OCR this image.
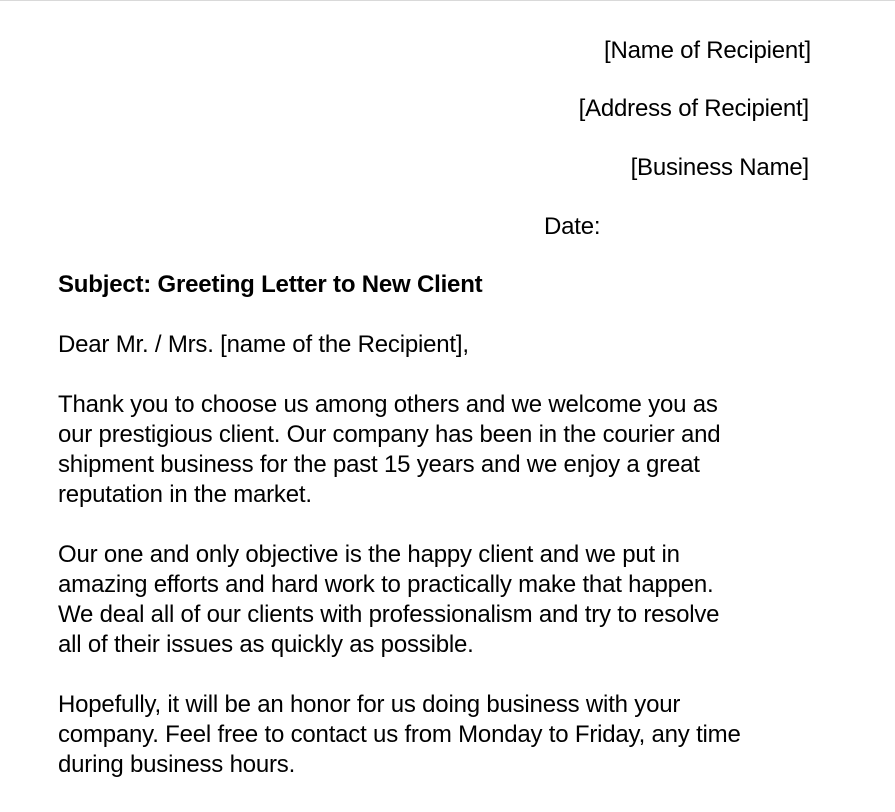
[Name of Recipient]
[Address of Recipient]
[Business Name]
Date:
Subject: Greeting Letter to New Client
Dear Mr. / Mrs. [name of the Recipient],

Thank you to choose us among others and we welcome you as
our prestigious client. Our company has been in the courier and
shipment business for the past 15 years and we enjoy a great
reputation in the market.

Our one and only objective is the happy client and we put in
amazing efforts and hard work to practically make that happen.
We deal all of our clients with professionalism and try to resolve
all of their issues as quickly as possible.

Hopefully, it will be an honor for us doing business with your
company. Feel free to contact us from Monday to Friday, any time
during business hours.
